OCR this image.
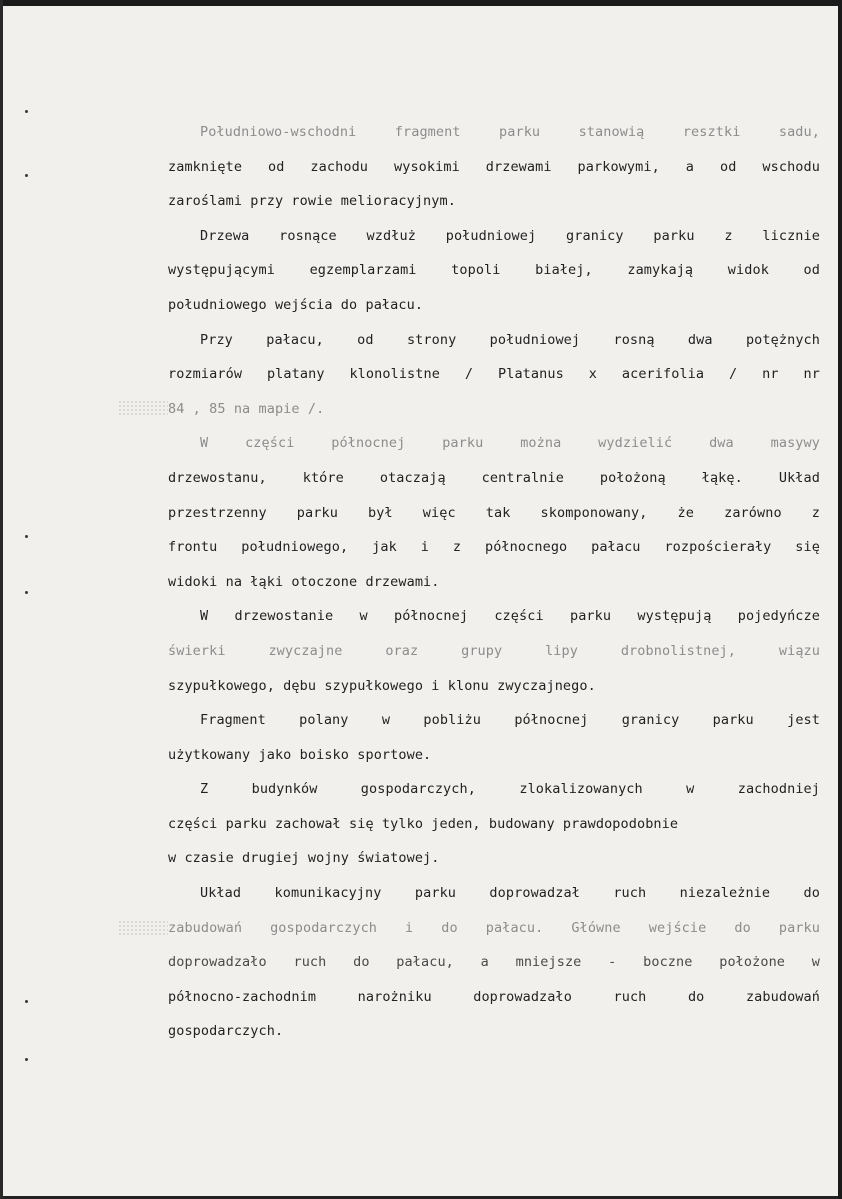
Południowo-wschodni fragment parku stanowią resztki sadu,
zamknięte od zachodu wysokimi drzewami parkowymi, a od wschodu
zaroślami przy rowie melioracyjnym.
Drzewa rosnące wzdłuż południowej granicy parku z licznie
występującymi egzemplarzami topoli białej, zamykają widok od
południowego wejścia do pałacu.
Przy pałacu, od strony południowej rosną dwa potężnych
rozmiarów platany klonolistne / Platanus x acerifolia / nr nr
84 , 85 na mapie /.
W części północnej parku można wydzielić dwa masywy
drzewostanu, które otaczają centralnie położoną łąkę. Układ
przestrzenny parku był więc tak skomponowany, że zarówno z
frontu południowego, jak i z północnego pałacu rozpościerały się
widoki na łąki otoczone drzewami.
W drzewostanie w północnej części parku występują pojedyńcze
świerki zwyczajne oraz grupy lipy drobnolistnej, wiązu
szypułkowego, dębu szypułkowego i klonu zwyczajnego.
Fragment polany w pobliżu północnej granicy parku jest
użytkowany jako boisko sportowe.
Z budynków gospodarczych, zlokalizowanych w zachodniej
części parku zachował się tylko jeden, budowany prawdopodobnie
w czasie drugiej wojny światowej.
Układ komunikacyjny parku doprowadzał ruch niezależnie do
zabudowań gospodarczych i do pałacu. Główne wejście do parku
doprowadzało ruch do pałacu, a mniejsze - boczne położone w
północno-zachodnim narożniku doprowadzało ruch do zabudowań
gospodarczych.
